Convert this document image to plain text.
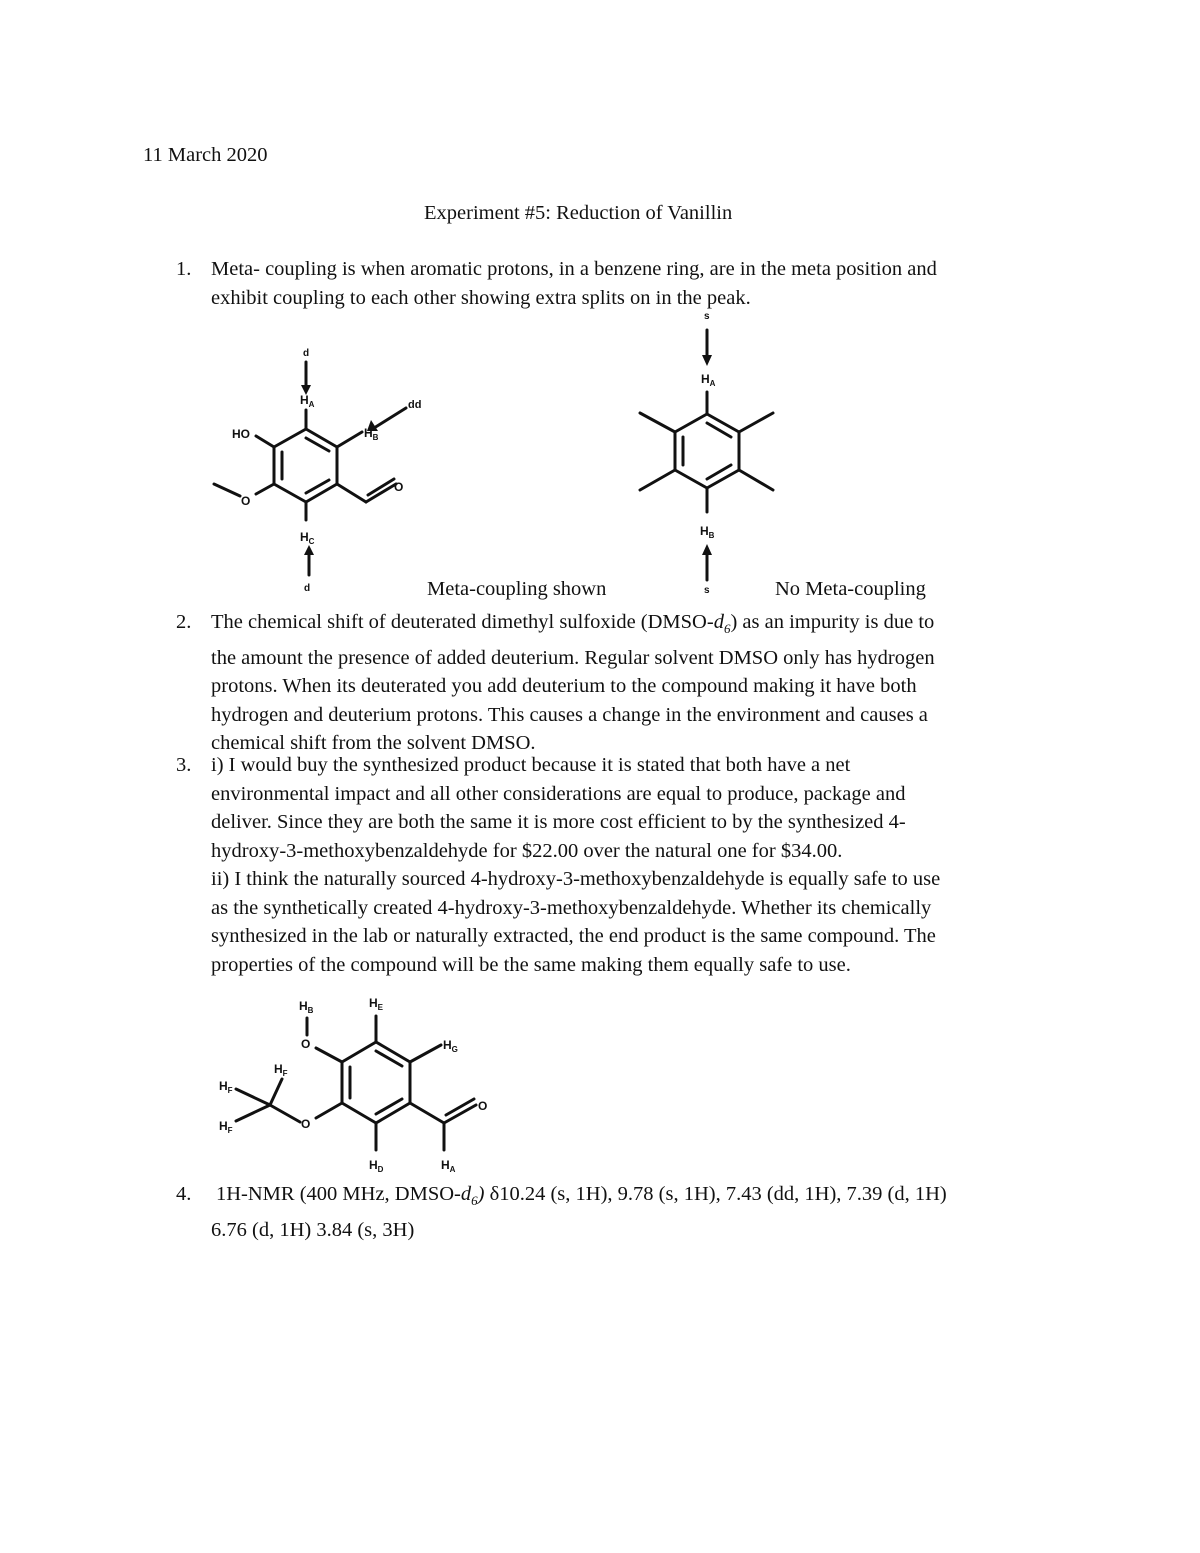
11 March 2020
Experiment #5: Reduction of Vanillin
1. Meta- coupling is when aromatic protons, in a benzene ring, are in the meta position and
exhibit coupling to each other showing extra splits on in the peak.
d
$H_A$	dd
$H_B$
HO
O
O
$H_C$
d
s
$H_A$
$H_B$
s
Meta-coupling shown	No Meta-coupling
2. The chemical shift of deuterated dimethyl sulfoxide $(DMSO-d_6)$ as an impurity is due to
the amount the presence of added deuterium. Regular solvent DMSO only has hydrogen
protons. When its deuterated you add deuterium to the compound making it have both
hydrogen and deuterium protons. This causes a change in the environment and causes a
chemical shift from the solvent DMSO.
3. i) I would buy the synthesized product because it is stated that both have a net
environmental impact and all other considerations are equal to produce, package and
deliver. Since they are both the same it is more cost efficient to by the synthesized 4-
hydroxy-3-methoxybenzaldehyde for $22.00 over the natural one for $34.00.
ii) I think the naturally sourced 4-hydroxy-3-methoxybenzaldehyde is equally safe to use
as the synthetically created 4-hydroxy-3-methoxybenzaldehyde. Whether its chemically
synthesized in the lab or naturally extracted, the end product is the same compound. The
properties of the compound will be the same making them equally safe to use.
$H_B$
$H_E$
O	$H_G$
$H_F$
$H_F$
$H_F$	O
O
$H_D$	$H_A$
4. 1H-NMR (400 MHz, DMSO-$d_6$) δ10.24 (s, 1H), 9.78 (s, 1H), 7.43 (dd, 1H), 7.39 (d, 1H)
6.76 (d, 1H) 3.84 (s, 3H)
